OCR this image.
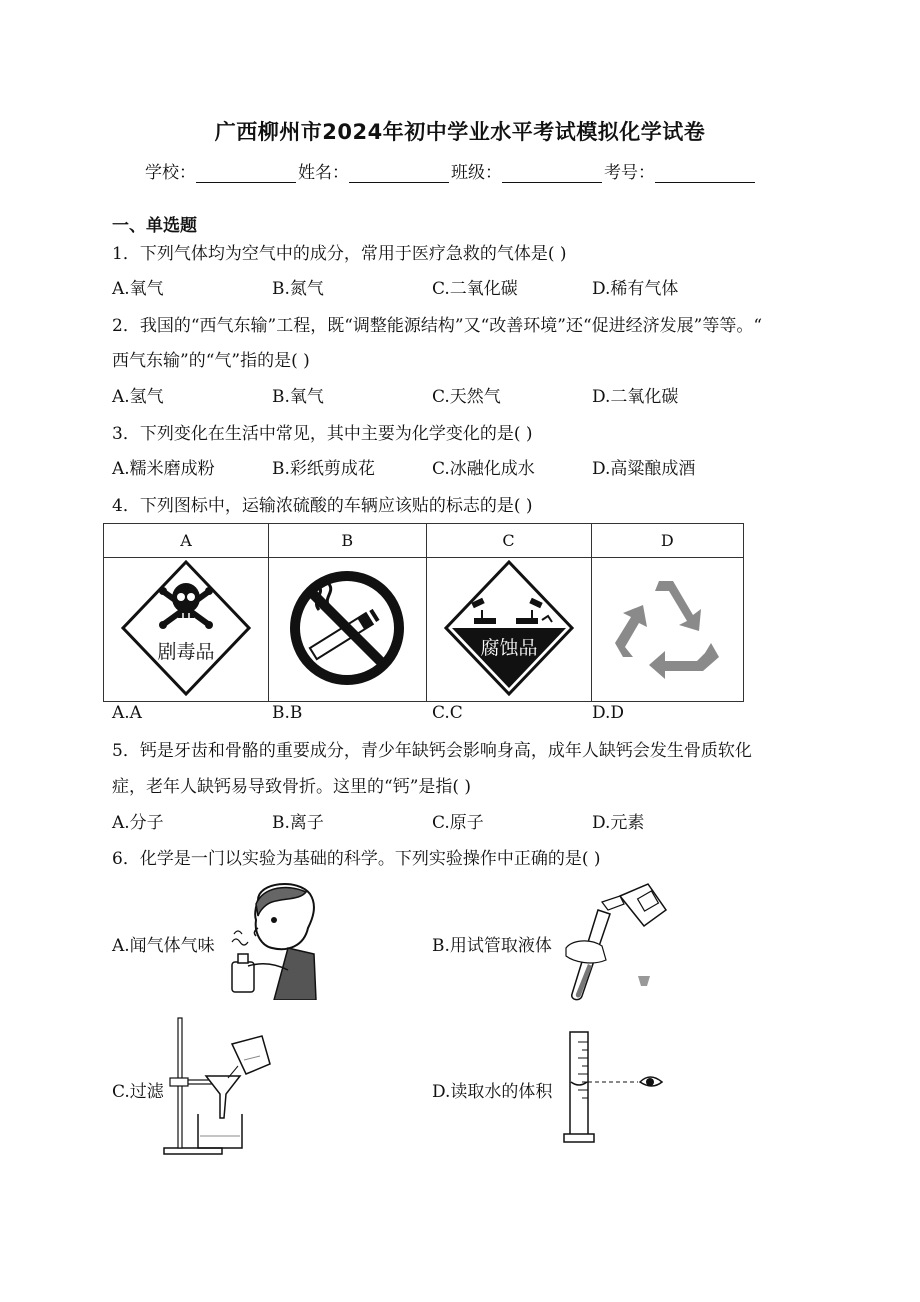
广西柳州市2024年初中学业水平考试模拟化学试卷
学校：	姓名：	班级：	考号：
一、单选题
1．下列气体均为空气中的成分，常用于医疗急救的气体是( )
A.氧气	B.氮气	C.二氧化碳	D.稀有气体
2．我国的“西气东输”工程，既“调整能源结构”又“改善环境”还“促进经济发展”等等。“
西气东输”的“气”指的是( )
A.氢气	B.氧气	C.天然气	D.二氧化碳
3．下列变化在生活中常见，其中主要为化学变化的是( )
A.糯米磨成粉	B.彩纸剪成花	C.冰融化成水	D.高粱酿成酒
4．下列图标中，运输浓硫酸的车辆应该贴的标志的是( )
A	B	C	D

剧毒品		腐蚀品

A.A	B.B	C.C	D.D
5．钙是牙齿和骨骼的重要成分，青少年缺钙会影响身高，成年人缺钙会发生骨质软化
症，老年人缺钙易导致骨折。这里的“钙”是指( )
A.分子	B.离子	C.原子	D.元素
6．化学是一门以实验为基础的科学。下列实验操作中正确的是( )
A.闻气体气味	B.用试管取液体
C.过滤	D.读取水的体积
